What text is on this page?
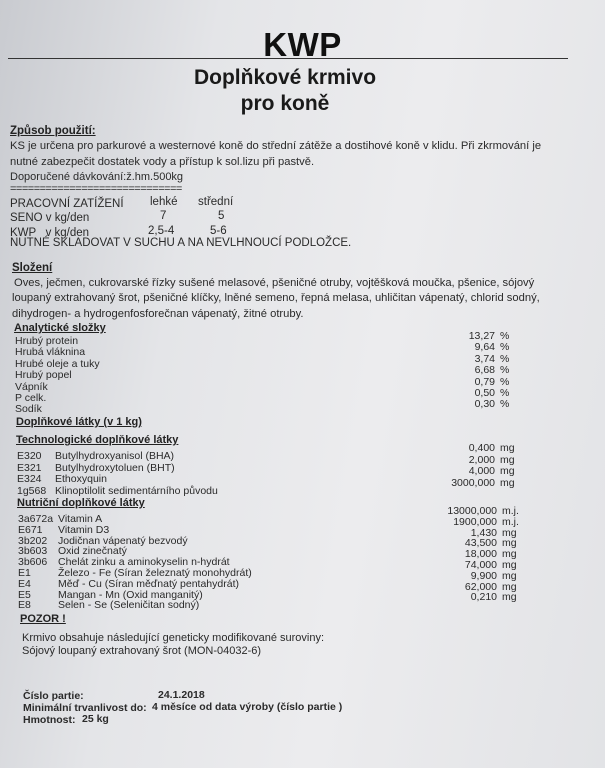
KWP
Doplňkové krmivo
pro koně
Způsob použití:
KS je určena pro parkurové a westernové koně do střední zátěže a dostihové koně v klidu. Při zkrmování je
nutné zabezpečit dostatek vody a přístup k sol.lizu při pastvě.
Doporučené dávkování:ž.hm.500kg
=============================
PRACOVNÍ ZATÍŽENÍ lehké střední
SENO v kg/den	7	5
KWP   v kg/den	2,5-4	5-6
NUTNÉ SKLADOVAT V SUCHU A NA NEVLHNOUCÍ PODLOŽCE.
Složení
Oves, ječmen, cukrovarské řízky sušené melasové, pšeničné otruby, vojtěšková moučka, pšenice, sójový
loupaný extrahovaný šrot, pšeničné klíčky, lněné semeno, řepná melasa, uhličitan vápenatý, chlorid sodný,
dihydrogen- a hydrogenfosforečnan vápenatý, žitné otruby.
Analytické složky
Hrubý protein	13,27 %
Hrubá vláknina	9,64 %
Hrubé oleje a tuky	3,74 %
Hrubý popel	6,68 %
Vápník	0,79 %
P celk.	0,50 %
Sodík	0,30 %
Doplňkové látky (v 1 kg)
Technologické doplňkové látky
E320 Butylhydroxyanisol (BHA)
0,400 mg
E321 Butylhydroxytoluen (BHT)
2,000 mg
E324 Ethoxyquin
4,000 mg
1g568 Klinoptilolit sedimentárního původu
3000,000 mg
Nutriční doplňkové látky
3a672a Vitamin A
13000,000 m.j.
E671 Vitamin D3
1900,000 m.j.
3b202 Jodičnan vápenatý bezvodý
1,430 mg
3b603 Oxid zinečnatý
43,500 mg
3b606 Chelát zinku a aminokyselin n-hydrát
18,000 mg
E1	Železo - Fe (Síran železnatý monohydrát)
74,000 mg
E4	Měď - Cu (Síran měďnatý pentahydrát)
9,900 mg
E5	Mangan - Mn (Oxid manganitý)
62,000 mg
E8	Selen - Se (Seleničitan sodný)
0,210 mg
POZOR !
Krmivo obsahuje následující geneticky modifikované suroviny:
Sójový loupaný extrahovaný šrot (MON-04032-6)
Číslo partie:	24.1.2018
Minimální trvanlivost do: 4 měsíce od data výroby (číslo partie )
Hmotnost: 25 kg
